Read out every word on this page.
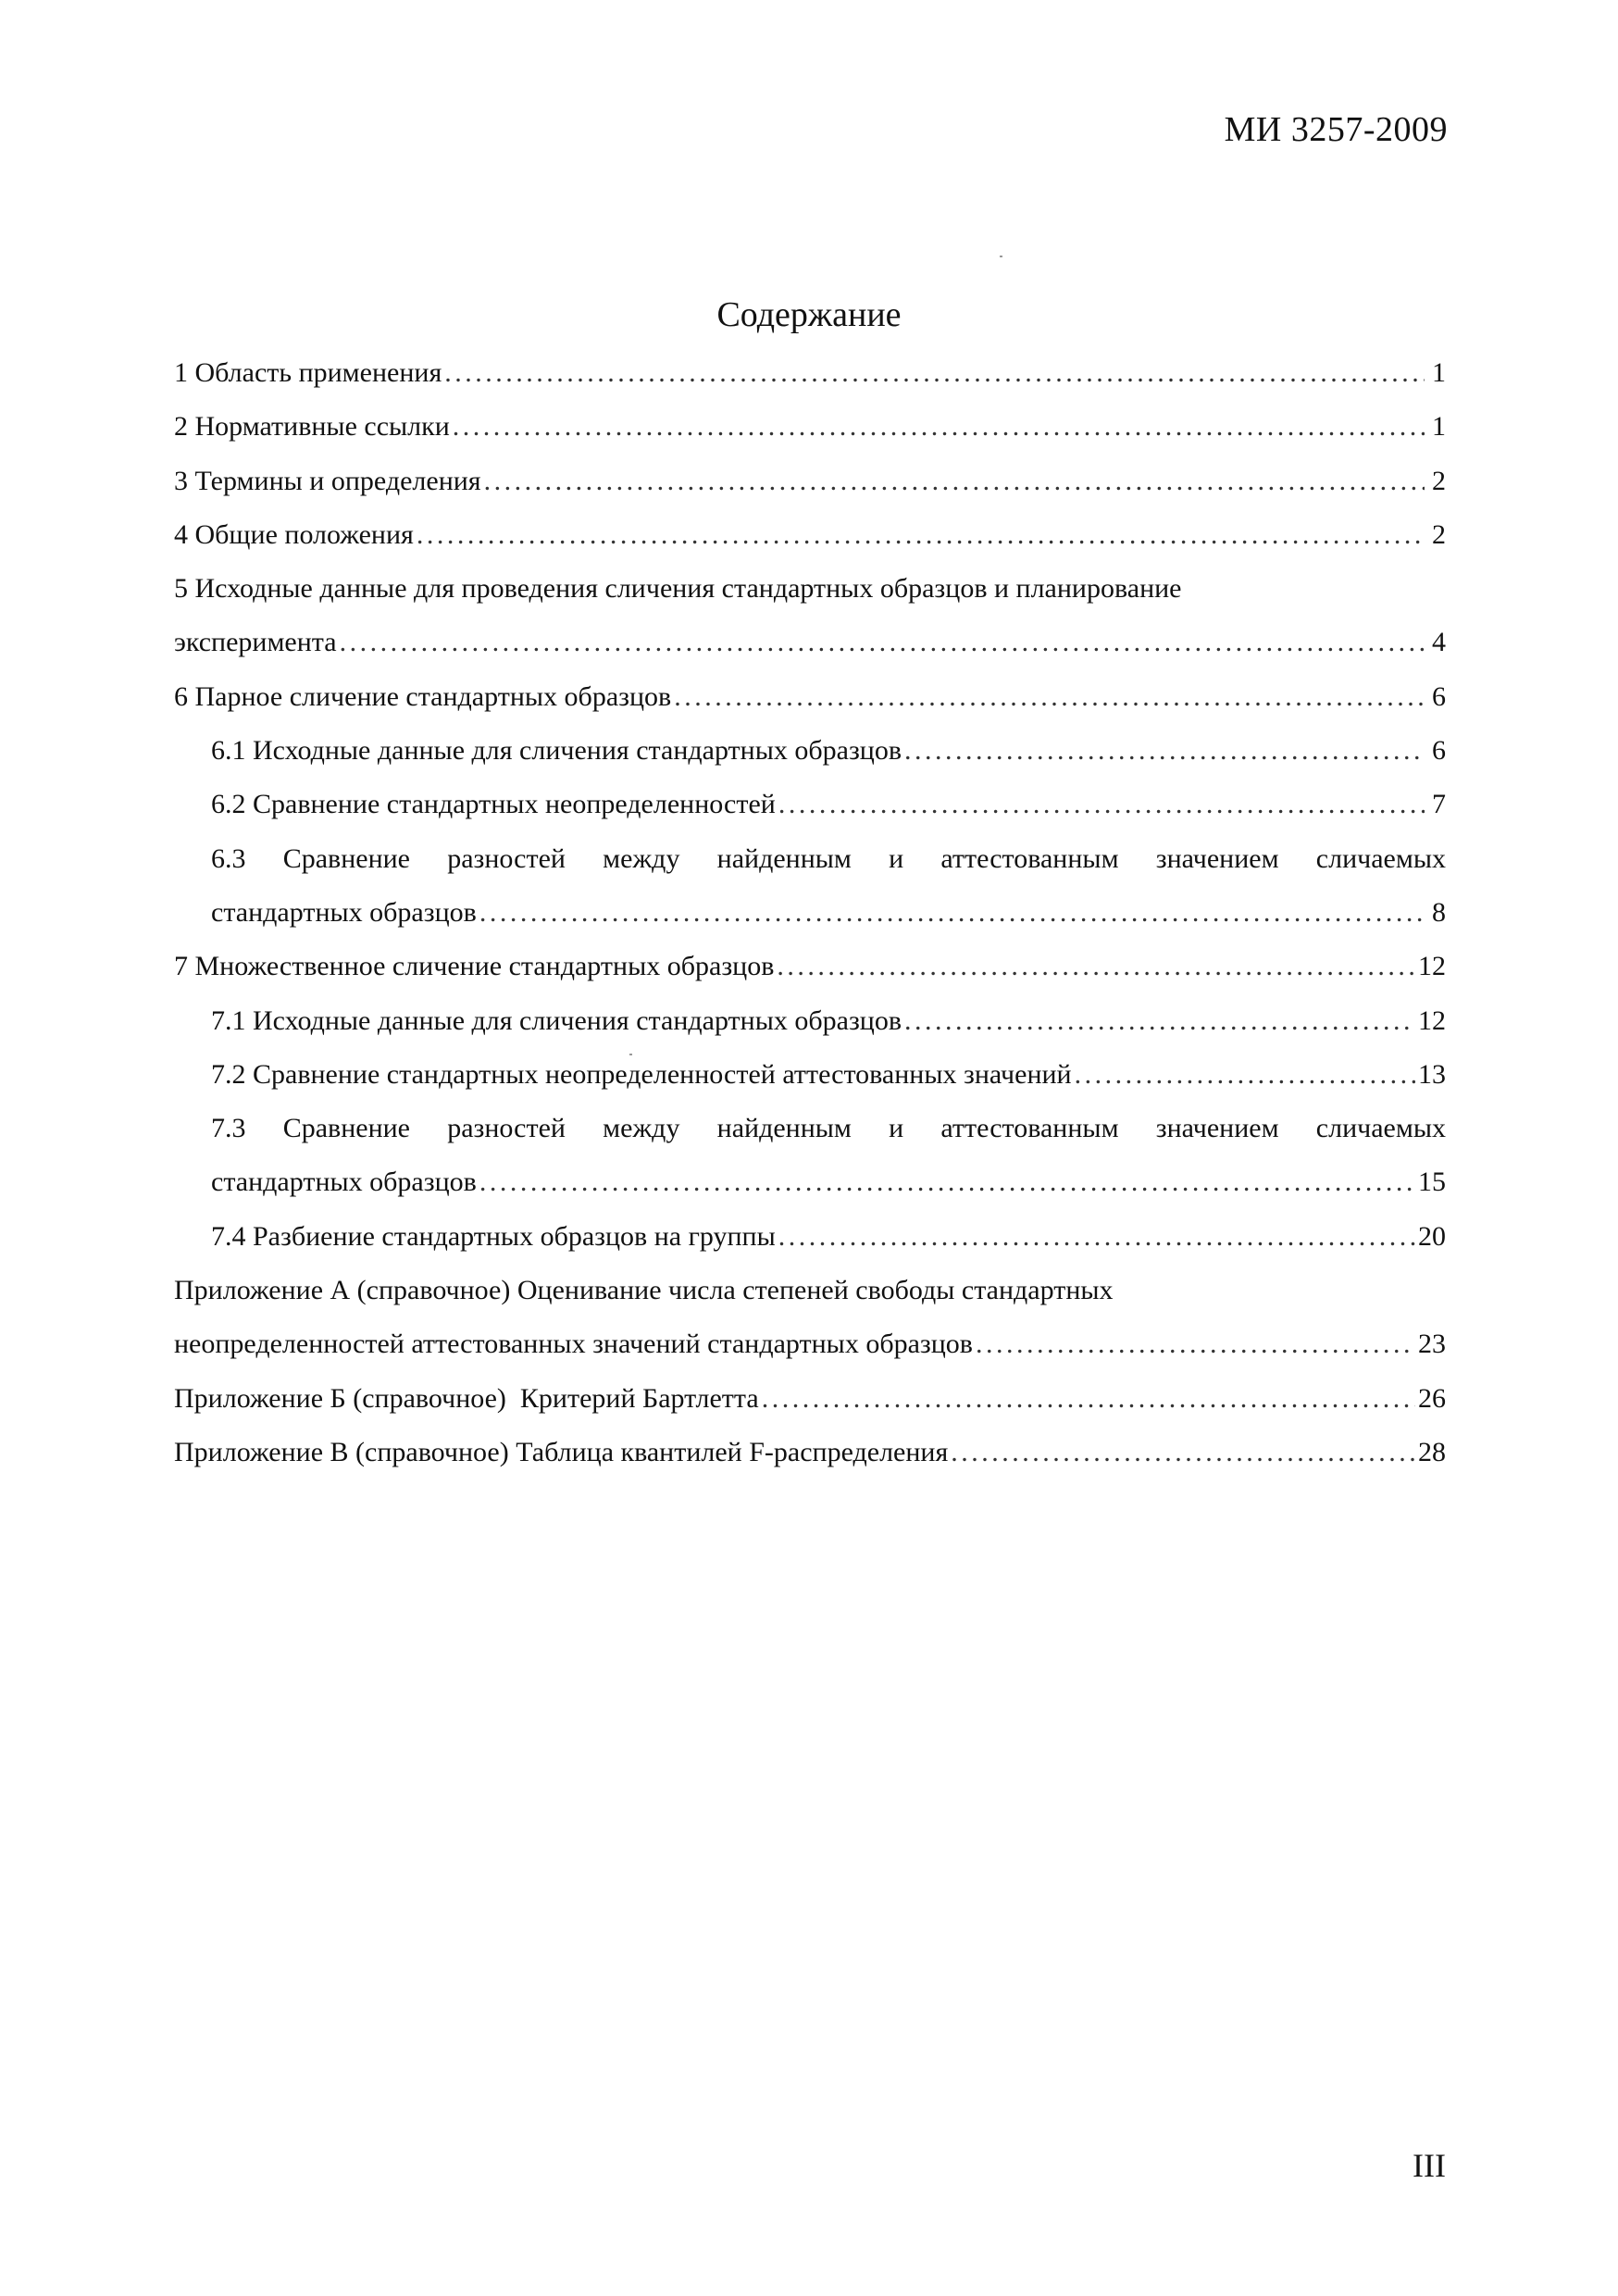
МИ 3257-2009
Содержание
1 Область применения . . .	1
2 Нормативные ссылки . . .	1
3 Термины и определения . . .	2
4 Общие положения . . .	2
5 Исходные данные для проведения сличения стандартных образцов и планирование
эксперимента . . .	4
6 Парное сличение стандартных образцов . . .	6
6.1 Исходные данные для сличения стандартных образцов . . .	6
6.2 Сравнение стандартных неопределенностей . . .	7
6.3 Сравнение разностей между найденным и аттестованным значением сличаемых
стандартных образцов . . .	8
7 Множественное сличение стандартных образцов . . .	12
7.1 Исходные данные для сличения стандартных образцов . . .	12
7.2 Сравнение стандартных неопределенностей аттестованных значений . . .	13
7.3 Сравнение разностей между найденным и аттестованным значением сличаемых
стандартных образцов . . .	15
7.4 Разбиение стандартных образцов на группы . . .	20
Приложение А (справочное) Оценивание числа степеней свободы стандартных
неопределенностей аттестованных значений стандартных образцов . . .	23
Приложение Б (справочное)  Критерий Бартлетта . . .	26
Приложение В (справочное) Таблица квантилей F-распределения . . .	28
III
